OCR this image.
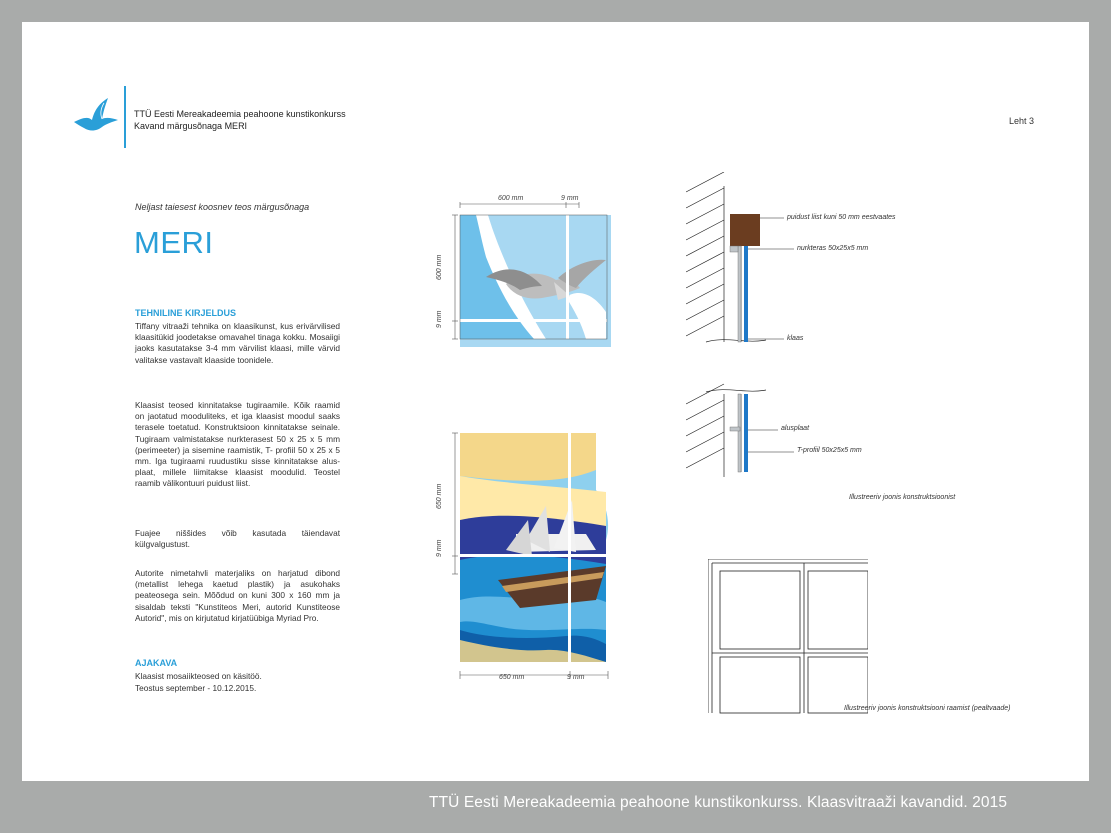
TTÜ Eesti Mereakadeemia peahoone kunstikonkurss
Kavand märgusõnaga MERI	Leht 3
Neljast taiesest koosnev teos märgusõnaga
MERI
TEHNILINE KIRJELDUS
Tiffany vitraaži tehnika on klaasikunst, kus erivärvilised klaasitükid joodetakse omavahel tinaga kokku. Mosaiigi jaoks kasutatakse 3-4 mm värvilist klaasi, mille värvid valitakse vastavalt klaaside toonidele.
Klaasist teosed kinnitatakse tugiraamile. Kõik raamid on jaotatud mooduliteks, et iga klaasist moodul saaks terasele toetatud. Konstruktsioon kinnitatakse seinale. Tugiraam valmistatakse nurkterasest 50 x 25 x 5 mm (perimeeter) ja sisemine raamistik, T- profiil 50 x 25 x 5 mm. Iga tugiraami ruudustiku sisse kinnitatakse alus-plaat, millele liimitakse klaasist moodulid. Teostel raamib välikontuuri puidust liist.
Fuajee niššides võib kasutada täiendavat külgvalgustust.
Autorite nimetahvli materjaliks on harjatud dibond (metallist lehega kaetud plastik) ja asukohaks peateosega sein. Mõõdud on kuni 300 x 160 mm ja sisaldab teksti "Kunstiteos Meri, autorid Kunstiteose Autorid", mis on kirjutatud kirjatüübiga Myriad Pro.
AJAKAVA
Klaasist mosaiikteosed on käsitöö.
Teostus september - 10.12.2015.
600 mm	9 mm
600 mm
9 mm
650 mm
9 mm
650 mm	9 mm
puidust liist kuni 50 mm eestvaates
nurkteras 50x25x5 mm
klaas
alusplaat
T-profiil 50x25x5 mm
Illustreeriv joonis konstruktsioonist
Illustreeriv joonis konstruktsiooni raamist (pealtvaade)
TTÜ Eesti Mereakadeemia peahoone kunstikonkurss. Klaasvitraaži kavandid. 2015
